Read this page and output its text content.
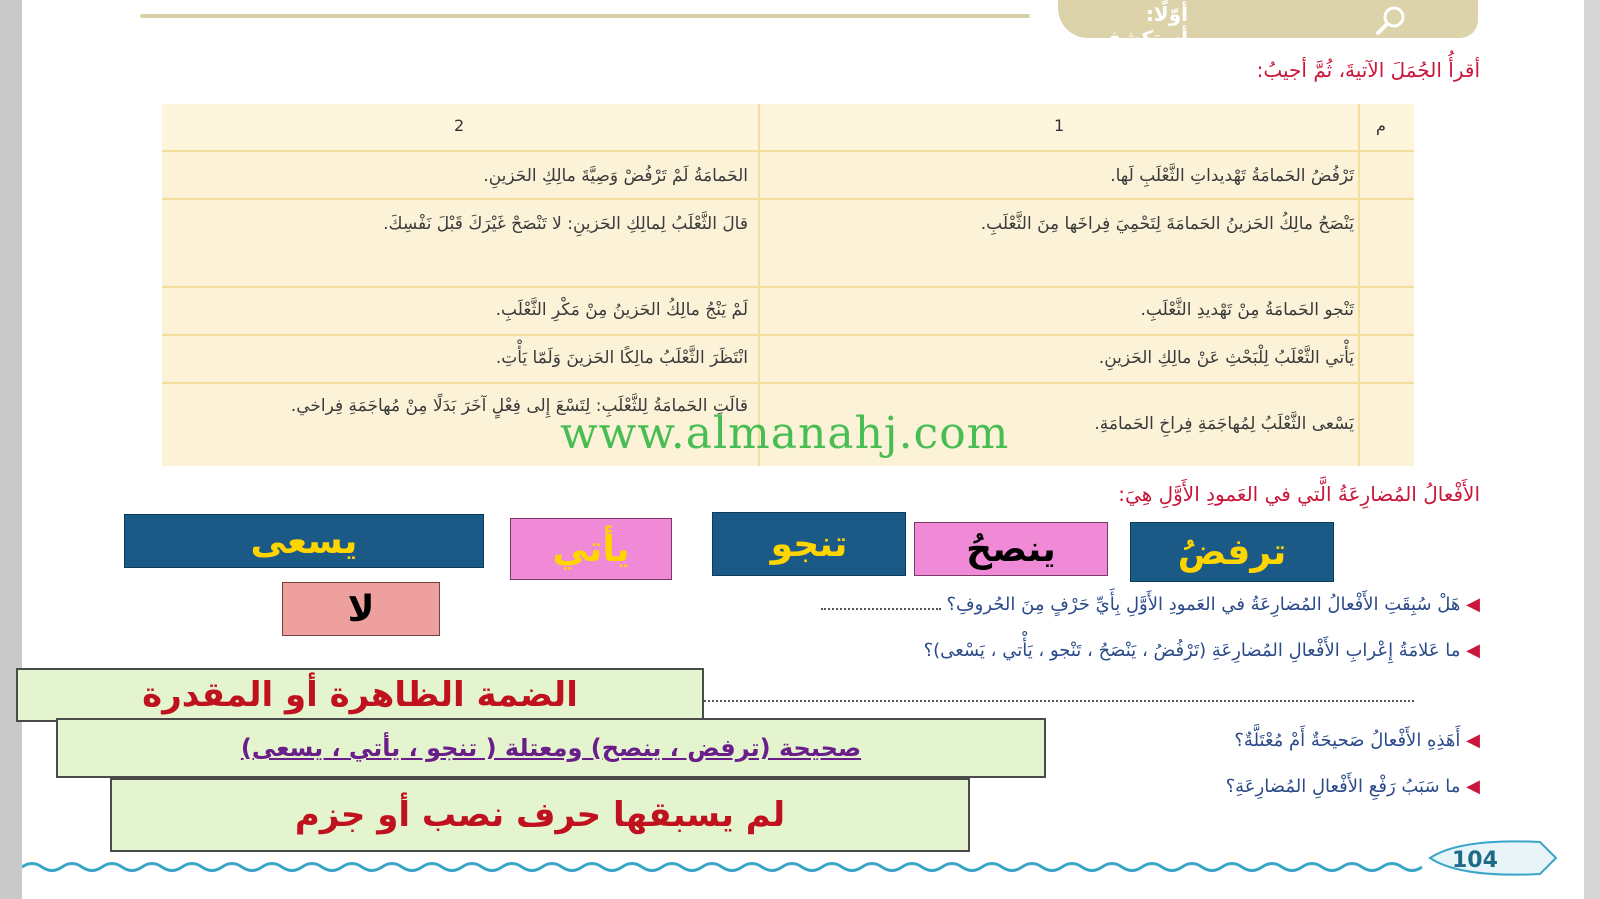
أوّلًا: أستكشف
أقرأُ الجُمَلَ الآتيةَ، ثُمَّ أجيبُ:
م
1
2
تَرْفُضُ الحَمامَةُ تَهْديداتِ الثَّعْلَبِ لَها.
الحَمامَةُ لَمْ تَرْفُضْ وَصِيَّةَ مالِكِ الحَزينِ.
يَنْصَحُ مالِكُ الحَزينُ الحَمامَةَ لِتَحْمِيَ فِراخَها مِنَ الثَّعْلَبِ.
قالَ الثَّعْلَبُ لِمالِكِ الحَزينِ: لا تَنْصَحْ غَيْرَكَ قَبْلَ نَفْسِكَ.
تَنْجو الحَمامَةُ مِنْ تَهْديدِ الثَّعْلَبِ.
لَمْ يَنْجُ مالِكُ الحَزينُ مِنْ مَكْرِ الثَّعْلَبِ.
يَأْتي الثَّعْلَبُ لِلْبَحْثِ عَنْ مالِكِ الحَزينِ.
انْتَظَرَ الثَّعْلَبُ مالِكًا الحَزينَ وَلَمّا يَأْتِ.
يَسْعى الثَّعْلَبُ لِمُهاجَمَةِ فِراخِ الحَمامَةِ.
قالَتِ الحَمامَةُ لِلثَّعْلَبِ: لِتَسْعَ إِلى فِعْلٍ آخَرَ بَدَلًا مِنْ مُهاجَمَةِ فِراخي.
www.almanahj.com
الأَفْعالُ المُضارِعَةُ الَّتي في العَمودِ الأَوَّلِ هِيَ:
ترفضُ
ينصحُ
تنجو
يأتي
يسعى
لا	◀ هَلْ سُبِقَتِ الأَفْعالُ المُضارِعَةُ في العَمودِ الأَوَّلِ بِأَيِّ حَرْفٍ مِنَ الحُروفِ؟
◀ ما عَلامَةُ إِعْرابِ الأَفْعالِ المُضارِعَةِ (تَرْفُضُ ، يَنْصَحُ ، تَنْجو ، يَأْتي ، يَسْعى)؟
◀ أَهَذِهِ الأَفْعالُ صَحيحَةٌ أَمْ مُعْتَلَّةٌ؟
◀ ما سَبَبُ رَفْعِ الأَفْعالِ المُضارِعَةِ؟
الضمة الظاهرة أو المقدرة
صحيحة (ترفض ، ينصح) ومعتلة ( تنجو ، يأتي ، يسعى)
لم يسبقها حرف نصب أو جزم
104
